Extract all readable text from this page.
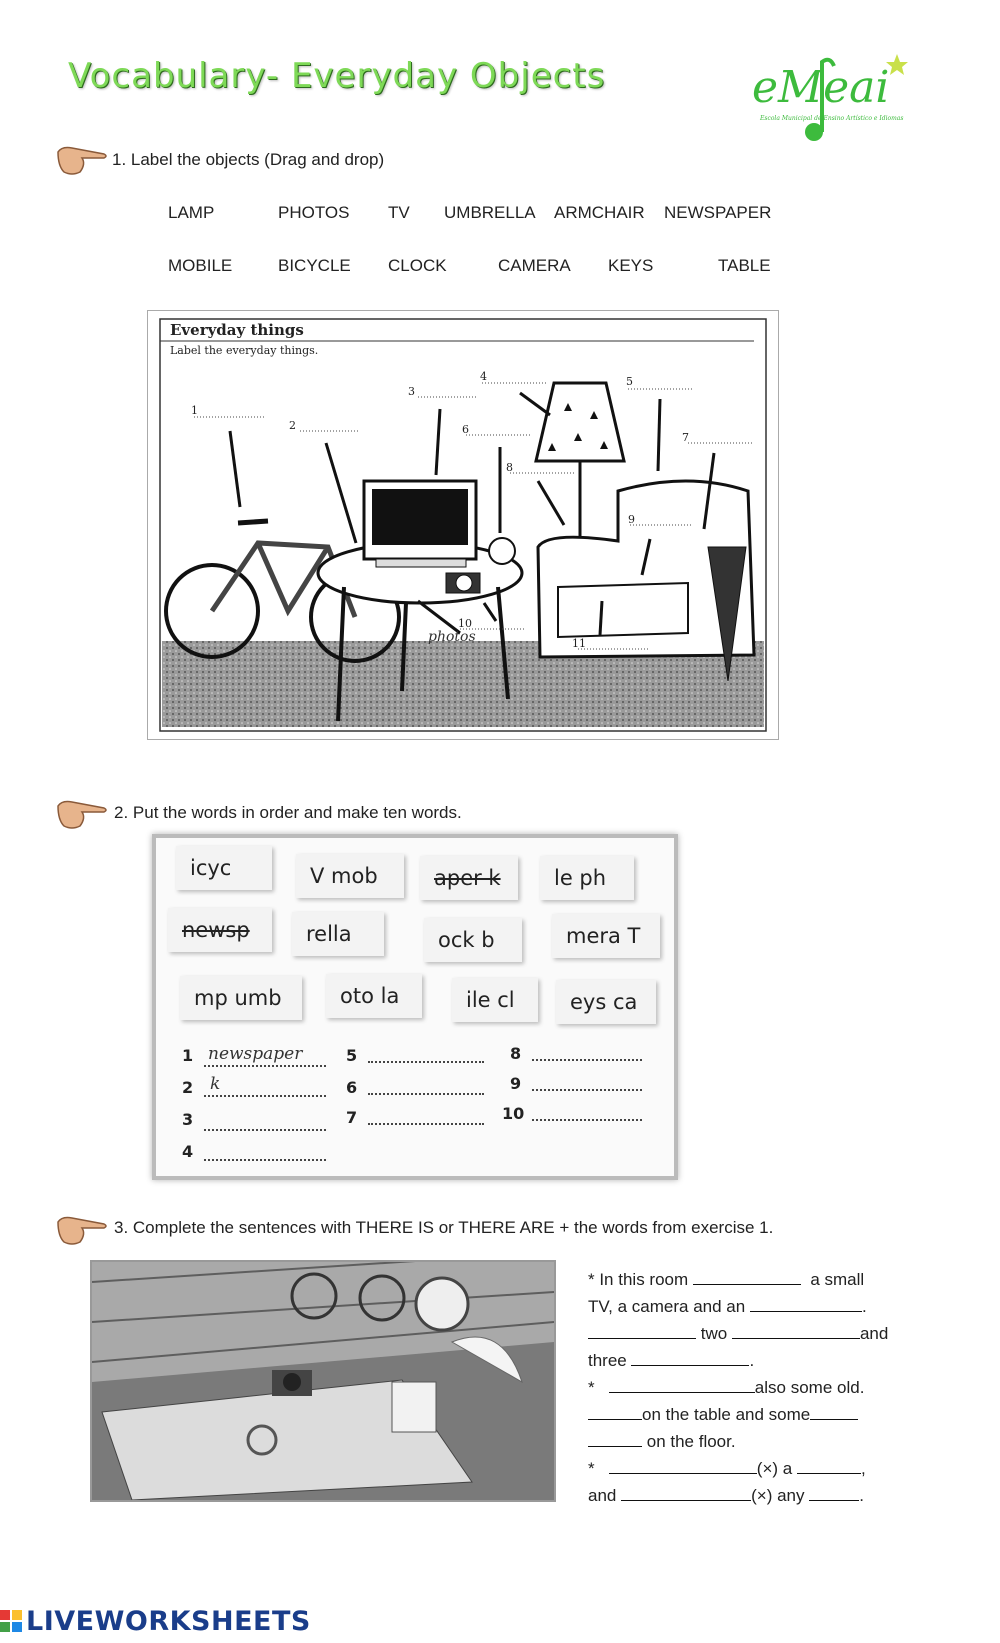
Vocabulary- Everyday Objects	eMeai
Escola Municipal de Ensino Artístico e Idiomas
1. Label the objects (Drag and drop)
LAMP	PHOTOS TV UMBRELLA ARMCHAIR NEWSPAPER
MOBILE	BICYCLE CLOCK	CAMERA KEYS	TABLE
Everyday things
Label the everyday things.
1
2
3
4	5
6
7
8
9
10
11
photos
2. Put the words in order and make ten words.
icyc	V mob	aper k	le ph
newsp	rella	ock b	mera T
mp umb	oto la	ile cl	eys ca
1 newspaper
2 k
3
4
5
6
7
8
9
10
3. Complete the sentences with THERE IS or THERE ARE + the words from exercise 1.
* In this room	a small
TV, a camera and an	.
two	and
three	.
*	also some old.
on the table and some
on the floor.
*	(×) a	,
and	(×) any	.
LIVEWORKSHEETS
